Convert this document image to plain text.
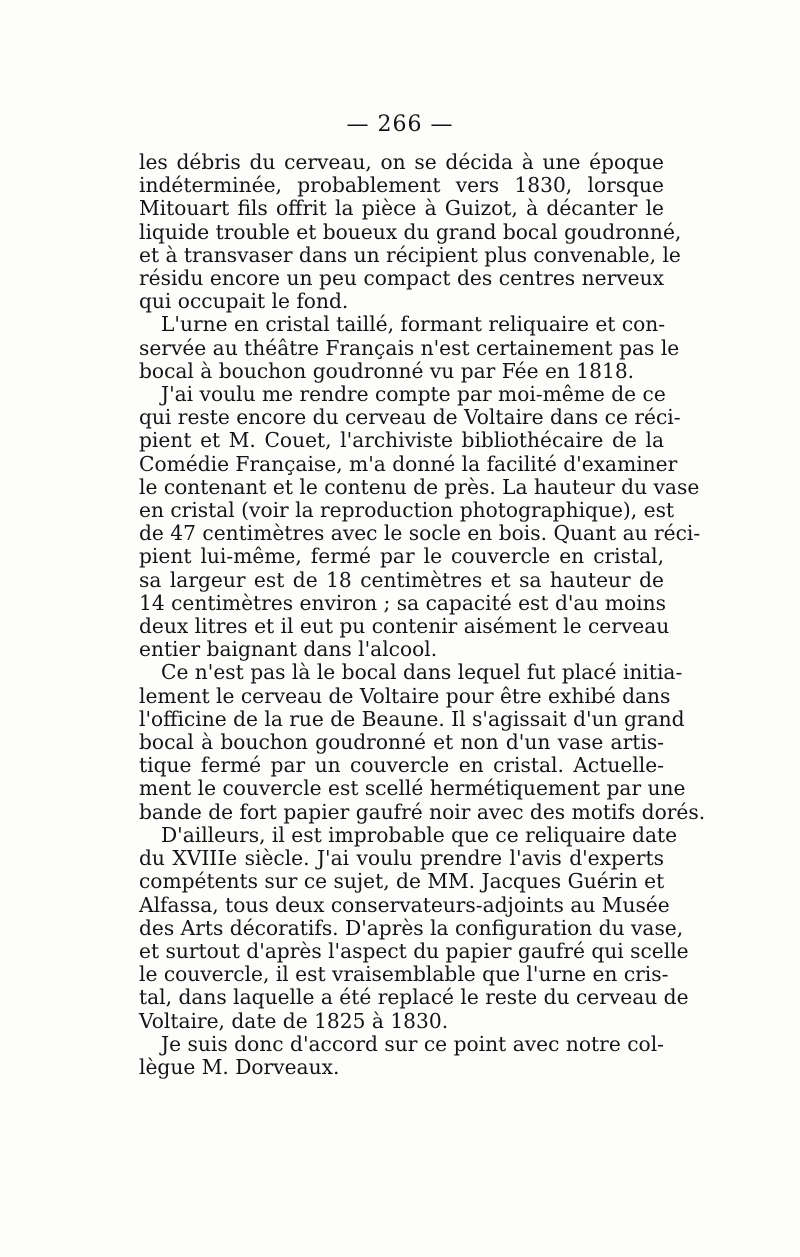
— 266 —
les débris du cerveau, on se décida à une époque
indéterminée, probablement vers 1830, lorsque
Mitouart fils offrit la pièce à Guizot, à décanter le
liquide trouble et boueux du grand bocal goudronné,
et à transvaser dans un récipient plus convenable, le
résidu encore un peu compact des centres nerveux
qui occupait le fond.
L'urne en cristal taillé, formant reliquaire et con-
servée au théâtre Français n'est certainement pas le
bocal à bouchon goudronné vu par Fée en 1818.
J'ai voulu me rendre compte par moi-même de ce
qui reste encore du cerveau de Voltaire dans ce réci-
pient et M. Couet, l'archiviste bibliothécaire de la
Comédie Française, m'a donné la facilité d'examiner
le contenant et le contenu de près. La hauteur du vase
en cristal (voir la reproduction photographique), est
de 47 centimètres avec le socle en bois. Quant au réci-
pient lui-même, fermé par le couvercle en cristal,
sa largeur est de 18 centimètres et sa hauteur de
14 centimètres environ ; sa capacité est d'au moins
deux litres et il eut pu contenir aisément le cerveau
entier baignant dans l'alcool.
Ce n'est pas là le bocal dans lequel fut placé initia-
lement le cerveau de Voltaire pour être exhibé dans
l'officine de la rue de Beaune. Il s'agissait d'un grand
bocal à bouchon goudronné et non d'un vase artis-
tique fermé par un couvercle en cristal. Actuelle-
ment le couvercle est scellé hermétiquement par une
bande de fort papier gaufré noir avec des motifs dorés.
D'ailleurs, il est improbable que ce reliquaire date
du XVIIIe siècle. J'ai voulu prendre l'avis d'experts
compétents sur ce sujet, de MM. Jacques Guérin et
Alfassa, tous deux conservateurs-adjoints au Musée
des Arts décoratifs. D'après la configuration du vase,
et surtout d'après l'aspect du papier gaufré qui scelle
le couvercle, il est vraisemblable que l'urne en cris-
tal, dans laquelle a été replacé le reste du cerveau de
Voltaire, date de 1825 à 1830.
Je suis donc d'accord sur ce point avec notre col-
lègue M. Dorveaux.
